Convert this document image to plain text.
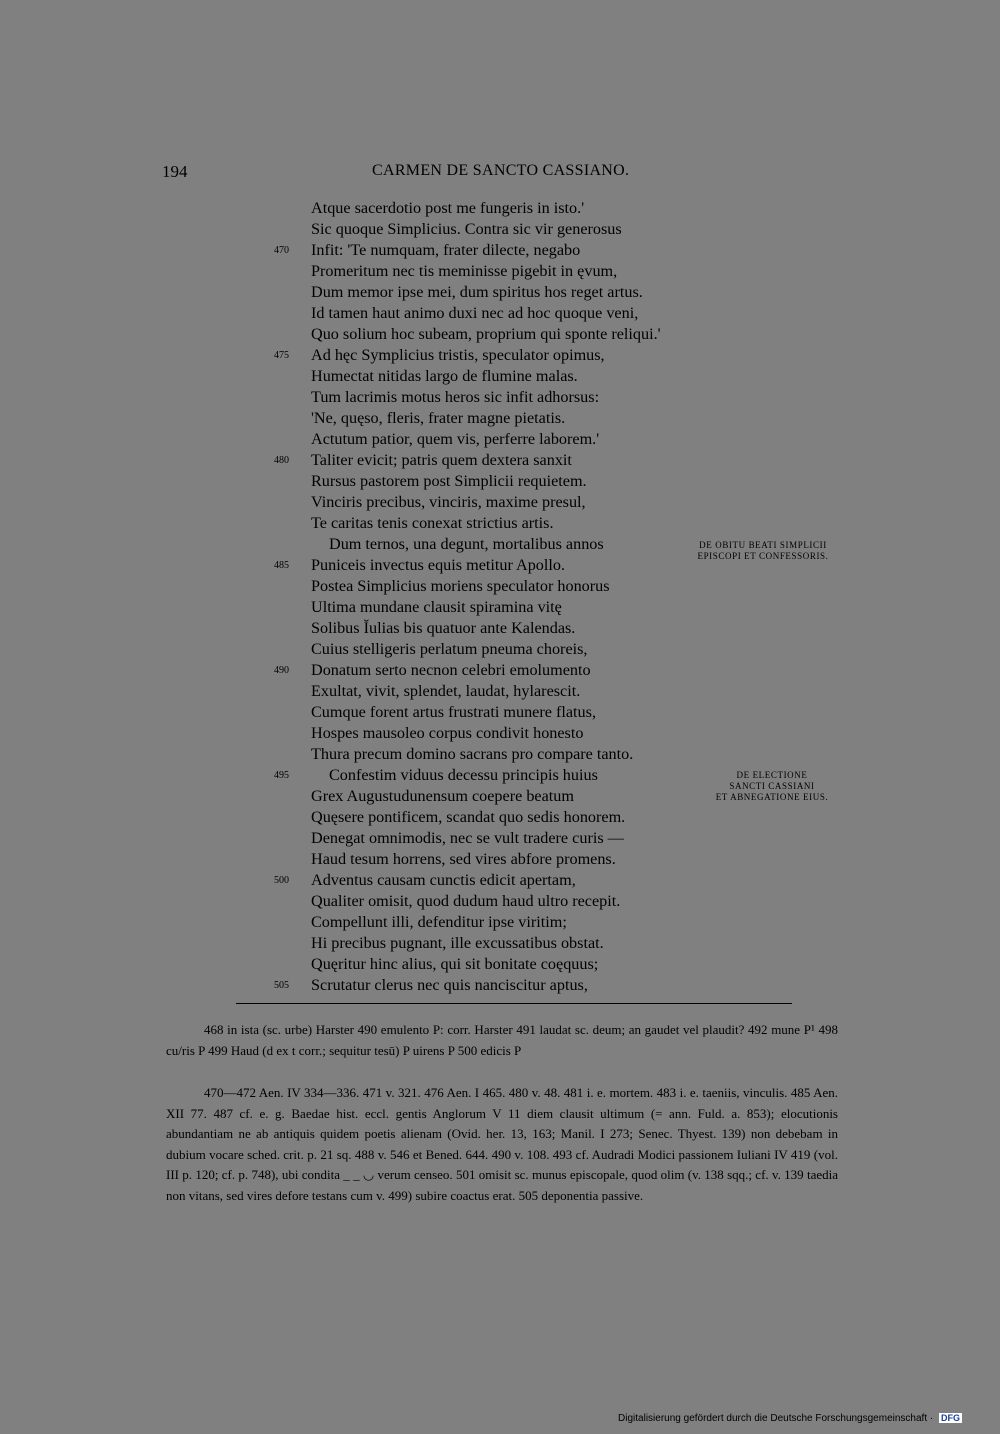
194	CARMEN DE SANCTO CASSIANO.
Atque sacerdotio post me fungeris in isto.'
Sic quoque Simplicius. Contra sic vir generosus
Infit: 'Te numquam, frater dilecte, negabo
Promeritum nec tis meminisse pigebit in ęvum,
Dum memor ipse mei, dum spiritus hos reget artus.
Id tamen haut animo duxi nec ad hoc quoque veni,
Quo solium hoc subeam, proprium qui sponte reliqui.'
Ad hęc Symplicius tristis, speculator opimus,
Humectat nitidas largo de flumine malas.
Tum lacrimis motus heros sic infit adhorsus:
'Ne, quęso, fleris, frater magne pietatis.
Actutum patior, quem vis, perferre laborem.'
Taliter evicit; patris quem dextera sanxit
Rursus pastorem post Simplicii requietem.
Vinciris precibus, vinciris, maxime presul,
Te caritas tenis conexat strictius artis.
Dum ternos, una degunt, mortalibus annos
Puniceis invectus equis metitur Apollo.
Postea Simplicius moriens speculator honorus
Ultima mundane clausit spiramina vitę
Solibus Ĭulias bis quatuor ante Kalendas.
Cuius stelligeris perlatum pneuma choreis,
Donatum serto necnon celebri emolumento
Exultat, vivit, splendet, laudat, hylarescit.
Cumque forent artus frustrati munere flatus,
Hospes mausoleo corpus condivit honesto
Thura precum domino sacrans pro compare tanto.
Confestim viduus decessu principis huius
Grex Augustudunensum coepere beatum
Quęsere pontificem, scandat quo sedis honorem.
Denegat omnimodis, nec se vult tradere curis —
Haud tesum horrens, sed vires abfore promens.
Adventus causam cunctis edicit apertam,
Qualiter omisit, quod dudum haud ultro recepit.
Compellunt illi, defenditur ipse viritim;
Hi precibus pugnant, ille excussatibus obstat.
Quęritur hinc alius, qui sit bonitate coęquus;
Scrutatur clerus nec quis nanciscitur aptus,
470
475
480
485
490
495
500
505
DE OBITU BEATI SIMPLICII
EPISCOPI ET CONFESSORIS.
DE ELECTIONE
SANCTI CASSIANI
ET ABNEGATIONE EIUS.

468 in ista (sc. urbe) Harster 490 emulento P: corr. Harster 491 laudat sc. deum; an gaudet vel plaudit? 492 mune P¹ 498 cu/ris P 499 Haud (d ex t corr.; sequitur tesū) P uirens P 500 edicis P

470—472 Aen. IV 334—336. 471 v. 321. 476 Aen. I 465. 480 v. 48. 481 i. e. mortem. 483 i. e. taeniis, vinculis. 485 Aen. XII 77. 487 cf. e. g. Baedae hist. eccl. gentis Anglorum V 11 diem clausit ultimum (= ann. Fuld. a. 853); elocutionis abundantiam ne ab antiquis quidem poetis alienam (Ovid. her. 13, 163; Manil. I 273; Senec. Thyest. 139) non debebam in dubium vocare sched. crit. p. 21 sq. 488 v. 546 et Bened. 644. 490 v. 108. 493 cf. Audradi Modici passionem Iuliani IV 419 (vol. III p. 120; cf. p. 748), ubi condita _ _ ◡ verum censeo. 501 omisit sc. munus episcopale, quod olim (v. 138 sqq.; cf. v. 139 taedia non vitans, sed vires defore testans cum v. 499) subire coactus erat. 505 deponentia passive.

Digitalisierung gefördert durch die Deutsche Forschungsgemeinschaft · DFG
